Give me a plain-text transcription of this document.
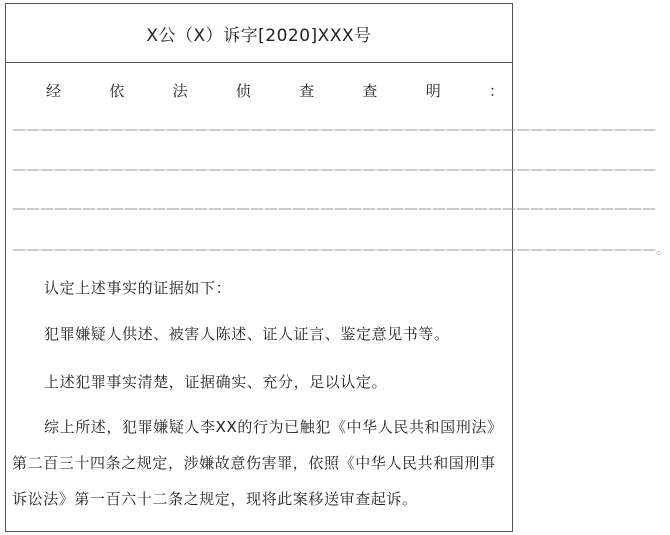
X公（X）诉字[2020]XXX号
经	依	法	侦	查	查	明	：
——————————————————————————————————————————————
——————————————————————————————————————————————
——————————————————————————————————————————————
——————————————————————————————————————————————。

认定上述事实的证据如下：

犯罪嫌疑人供述、被害人陈述、证人证言、鉴定意见书等。

上述犯罪事实清楚，证据确实、充分，足以认定。

综上所述，犯罪嫌疑人李XX的行为已触犯《中华人民共和国刑法》第二百三十四条之规定，涉嫌故意伤害罪，依照《中华人民共和国刑事诉讼法》第一百六十二条之规定，现将此案移送审查起诉。
